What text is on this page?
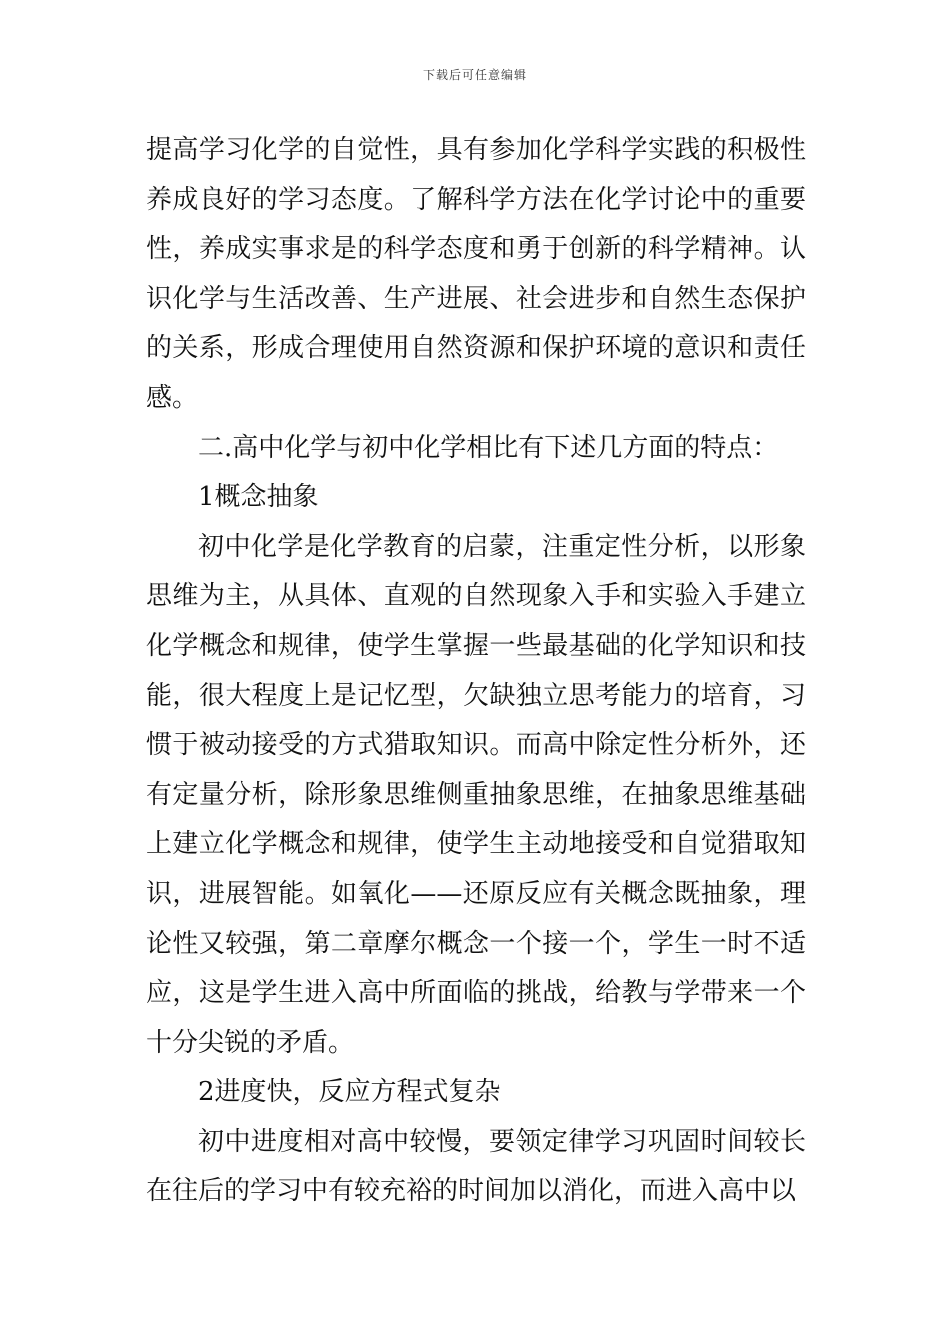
下载后可任意编辑

提高学习化学的自觉性，具有参加化学科学实践的积极性养成良好的学习态度。了解科学方法在化学讨论中的重要性，养成实事求是的科学态度和勇于创新的科学精神。认识化学与生活改善、生产进展、社会进步和自然生态保护的关系，形成合理使用自然资源和保护环境的意识和责任感。

二.高中化学与初中化学相比有下述几方面的特点：

1概念抽象

初中化学是化学教育的启蒙，注重定性分析，以形象思维为主，从具体、直观的自然现象入手和实验入手建立化学概念和规律，使学生掌握一些最基础的化学知识和技能，很大程度上是记忆型，欠缺独立思考能力的培育，习惯于被动接受的方式猎取知识。而高中除定性分析外，还有定量分析，除形象思维侧重抽象思维，在抽象思维基础上建立化学概念和规律，使学生主动地接受和自觉猎取知识，进展智能。如氧化——还原反应有关概念既抽象，理论性又较强，第二章摩尔概念一个接一个，学生一时不适应，这是学生进入高中所面临的挑战，给教与学带来一个十分尖锐的矛盾。

2进度快，反应方程式复杂

初中进度相对高中较慢，要领定律学习巩固时间较长在往后的学习中有较充裕的时间加以消化，而进入高中以
